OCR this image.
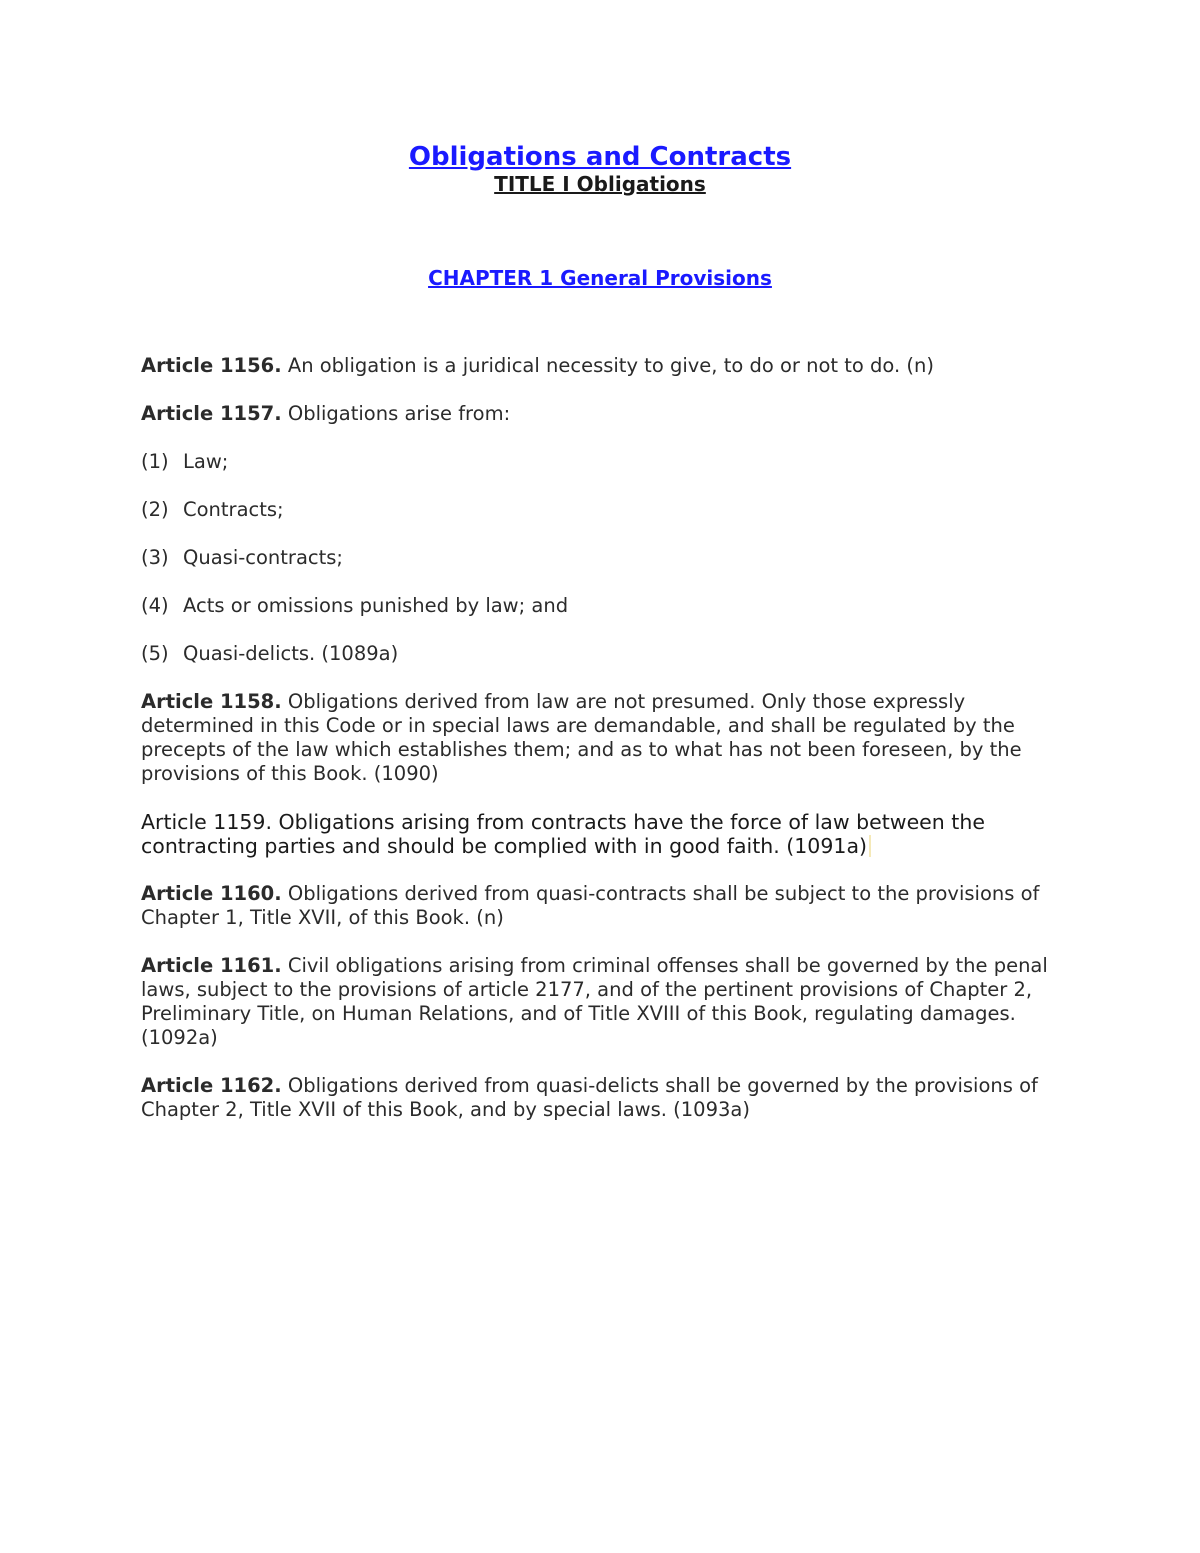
Obligations and Contracts
TITLE I Obligations
CHAPTER 1 General Provisions

Article 1156. An obligation is a juridical necessity to give, to do or not to do. (n)

Article 1157. Obligations arise from:

(1) Law;
(2) Contracts;
(3) Quasi-contracts;
(4) Acts or omissions punished by law; and
(5) Quasi-delicts. (1089a)

Article 1158. Obligations derived from law are not presumed. Only those expressly determined in this Code or in special laws are demandable, and shall be regulated by the precepts of the law which establishes them; and as to what has not been foreseen, by the provisions of this Book. (1090)

Article 1159. Obligations arising from contracts have the force of law between the contracting parties and should be complied with in good faith. (1091a)

Article 1160. Obligations derived from quasi-contracts shall be subject to the provisions of Chapter 1, Title XVII, of this Book. (n)

Article 1161. Civil obligations arising from criminal offenses shall be governed by the penal laws, subject to the provisions of article 2177, and of the pertinent provisions of Chapter 2, Preliminary Title, on Human Relations, and of Title XVIII of this Book, regulating damages. (1092a)

Article 1162. Obligations derived from quasi-delicts shall be governed by the provisions of Chapter 2, Title XVII of this Book, and by special laws. (1093a)
